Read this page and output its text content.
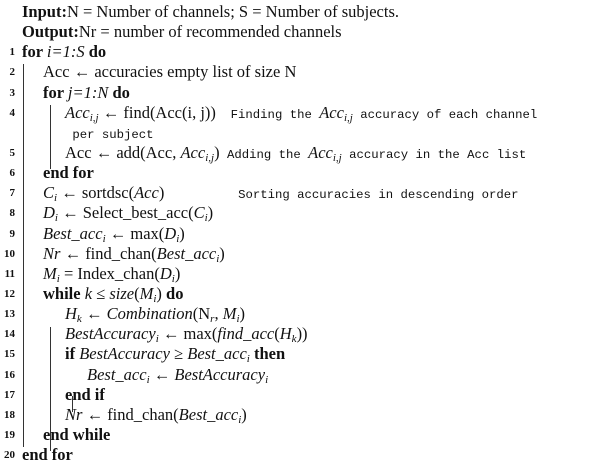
Input:N = Number of channels; S = Number of subjects.
Output:Nr = number of recommended channels
1 for i=1:S do
2 Acc ← accuracies empty list of size N
3 for j=1:N do
4	Acc$_{i,j}$ ← find(Acc(i, j))  Finding the Acc$_{i,j}$ accuracy of each channel
per subject
5	Acc ← add(Acc, Acc$_{i,j}$) Adding the Acc$_{i,j}$ accuracy in the Acc list
6 end for
7 $C_i$ ← sortdsc(Acc)          Sorting accuracies in descending order
8 $D_i$ ← $Select\_best\_acc(C_i)$
9 Best_acc$_i$ ← $\max(D_i)$
10 Nr ← find_chan(Best_acc$_i$)
11 $M_i$ = $Index\_chan(D_i)$
12 while $k \le size(M_i)$ do
13	$H_k$ ← $Combination(N_r$, $M_i$)
14	BestAccuracy$_i$ ← $\max(find\_acc(H_k))$
15	if BestAccuracy ≥ Best_acc$_i$ then
16	Best_acc$_i$ ← BestAccuracy$_i$
17	end if
18	Nr ← find_chan(Best_acc$_i$)
19 end while
20 end for
